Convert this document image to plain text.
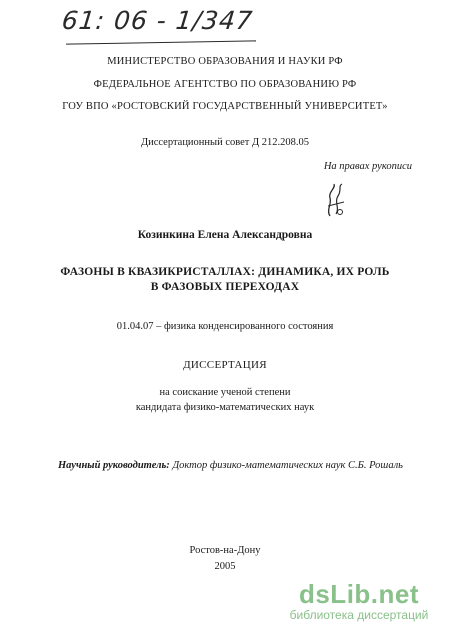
61: 06 - 1/347
МИНИСТЕРСТВО ОБРАЗОВАНИЯ И НАУКИ РФ
ФЕДЕРАЛЬНОЕ АГЕНТСТВО ПО ОБРАЗОВАНИЮ РФ
ГОУ ВПО «РОСТОВСКИЙ ГОСУДАРСТВЕННЫЙ УНИВЕРСИТЕТ»
Диссертационный совет Д 212.208.05
На правах рукописи
Козинкина Елена Александровна
ФАЗОНЫ В КВАЗИКРИСТАЛЛАХ: ДИНАМИКА, ИХ РОЛЬ
В ФАЗОВЫХ ПЕРЕХОДАХ
01.04.07 – физика конденсированного состояния
ДИССЕРТАЦИЯ
на соискание ученой степени
кандидата физико-математических наук
Научный руководитель: Доктор физико-математических наук С.Б. Рошаль
Ростов-на-Дону
2005
dsLib.net
библиотека диссертаций
